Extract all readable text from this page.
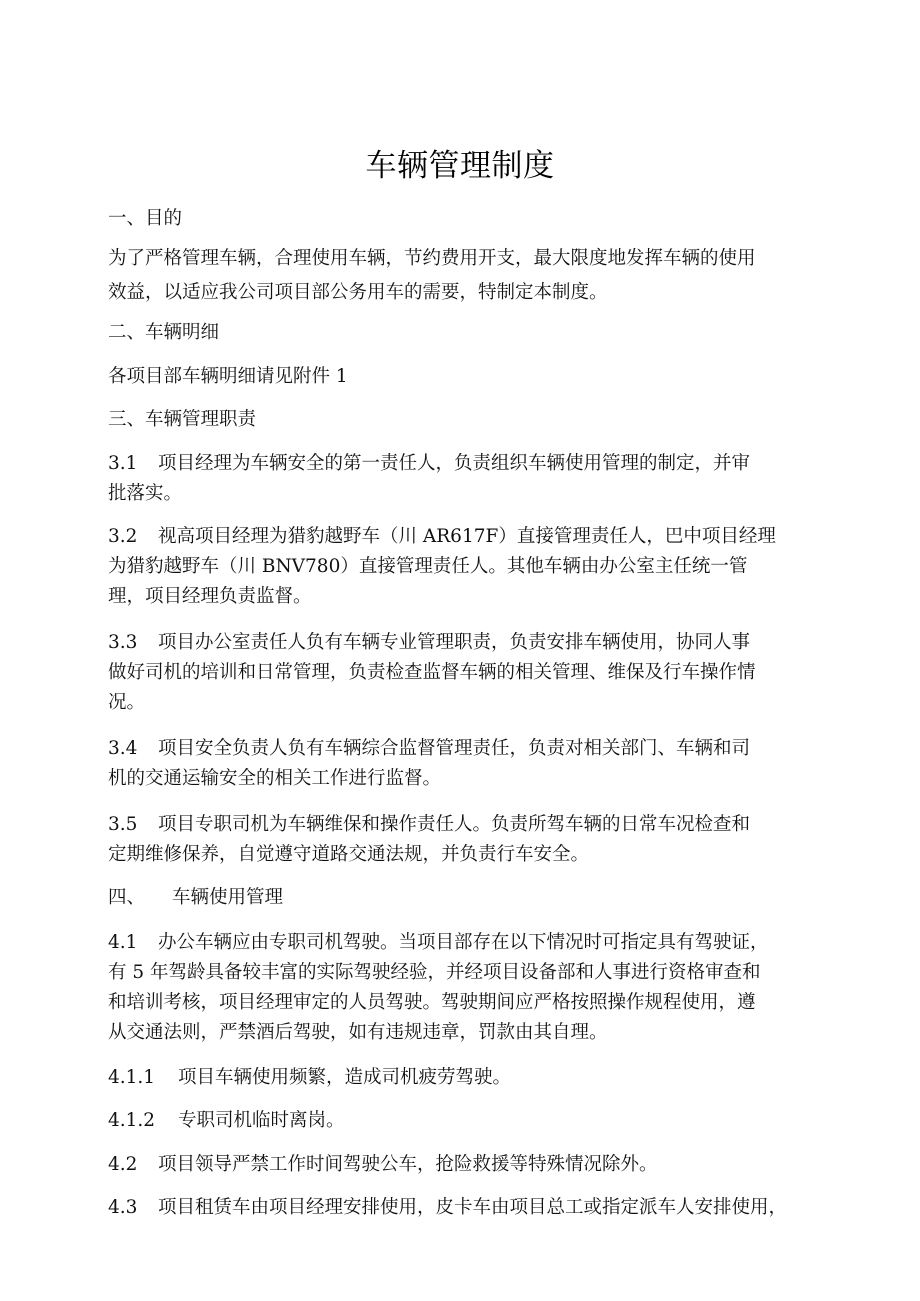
车辆管理制度
一、目的
为了严格管理车辆，合理使用车辆，节约费用开支，最大限度地发挥车辆的使用
效益，以适应我公司项目部公务用车的需要，特制定本制度。
二、车辆明细
各项目部车辆明细请见附件 1
三、车辆管理职责
3.1 项目经理为车辆安全的第一责任人，负责组织车辆使用管理的制定，并审
批落实。
3.2 视高项目经理为猎豹越野车（川 AR617F）直接管理责任人，巴中项目经理
为猎豹越野车（川 BNV780）直接管理责任人。其他车辆由办公室主任统一管
理，项目经理负责监督。
3.3 项目办公室责任人负有车辆专业管理职责，负责安排车辆使用，协同人事
做好司机的培训和日常管理，负责检查监督车辆的相关管理、维保及行车操作情
况。
3.4 项目安全负责人负有车辆综合监督管理责任，负责对相关部门、车辆和司
机的交通运输安全的相关工作进行监督。
3.5 项目专职司机为车辆维保和操作责任人。负责所驾车辆的日常车况检查和
定期维修保养，自觉遵守道路交通法规，并负责行车安全。
四、 车辆使用管理
4.1 办公车辆应由专职司机驾驶。当项目部存在以下情况时可指定具有驾驶证，
有 5 年驾龄具备较丰富的实际驾驶经验，并经项目设备部和人事进行资格审查和
和培训考核，项目经理审定的人员驾驶。驾驶期间应严格按照操作规程使用，遵
从交通法则，严禁酒后驾驶，如有违规违章，罚款由其自理。
4.1.1 项目车辆使用频繁，造成司机疲劳驾驶。
4.1.2 专职司机临时离岗。
4.2 项目领导严禁工作时间驾驶公车，抢险救援等特殊情况除外。
4.3 项目租赁车由项目经理安排使用，皮卡车由项目总工或指定派车人安排使用，
